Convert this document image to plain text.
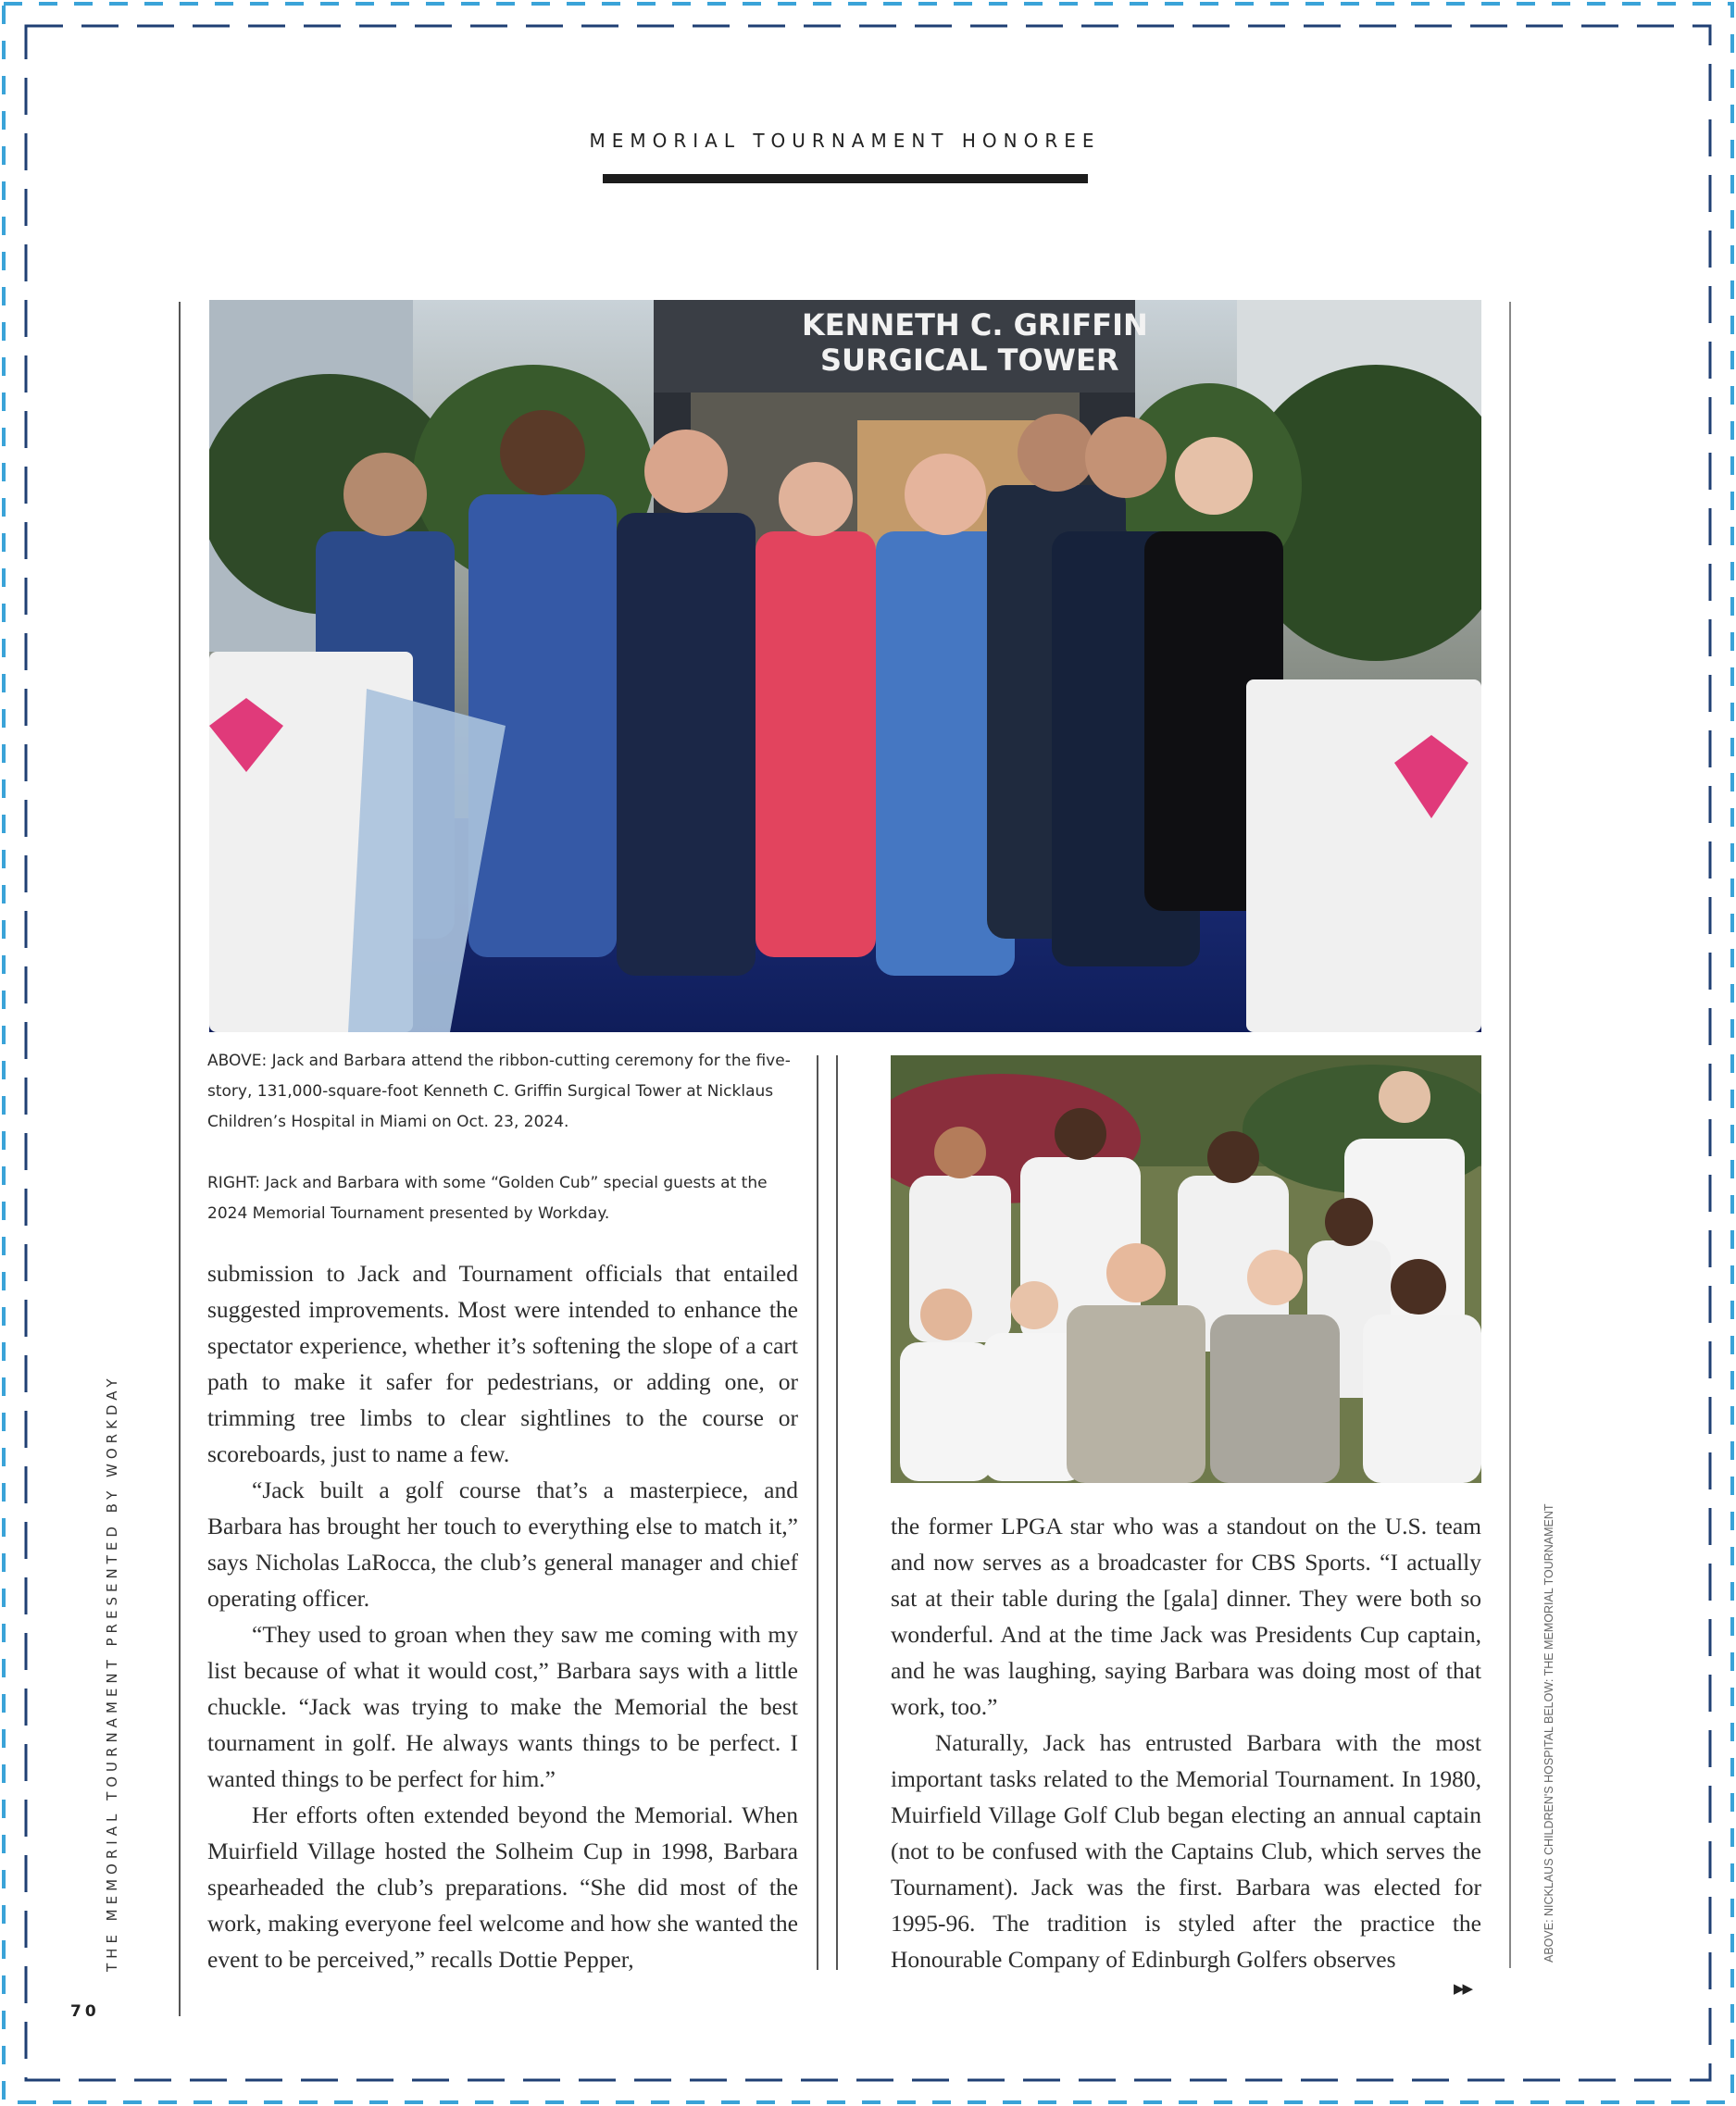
MEMORIAL TOURNAMENT HONOREE
KENNETH C. GRIFFIN
SURGICAL TOWER

ABOVE: Jack and Barbara attend the ribbon-cutting ceremony for the five-story, 131,000-square-foot Kenneth C. Griffin Surgical Tower at Nicklaus Children’s Hospital in Miami on Oct. 23, 2024.

RIGHT: Jack and Barbara with some “Golden Cub” special guests at the 2024 Memorial Tournament presented by Workday.

submission to Jack and Tournament officials that entailed suggested improvements. Most were intended to enhance the spectator experience, whether it’s softening the slope of a cart path to make it safer for pedestrians, or adding one, or trimming tree limbs to clear sightlines to the course or scoreboards, just to name a few.

“Jack built a golf course that’s a masterpiece, and Barbara has brought her touch to everything else to match it,” says Nicholas LaRocca, the club’s general manager and chief operating officer.

“They used to groan when they saw me coming with my list because of what it would cost,” Barbara says with a little chuckle. “Jack was trying to make the Memorial the best tournament in golf. He always wants things to be perfect. I wanted things to be perfect for him.”

Her efforts often extended beyond the Memorial. When Muirfield Village hosted the Solheim Cup in 1998, Barbara spearheaded the club’s preparations. “She did most of the work, making everyone feel welcome and how she wanted the event to be perceived,” recalls Dottie Pepper,

the former LPGA star who was a standout on the U.S. team and now serves as a broadcaster for CBS Sports. “I actually sat at their table during the [gala] dinner. They were both so wonderful. And at the time Jack was Presidents Cup captain, and he was laughing, saying Barbara was doing most of that work, too.”

Naturally, Jack has entrusted Barbara with the most important tasks related to the Memorial Tournament. In 1980, Muirfield Village Golf Club began electing an annual captain (not to be confused with the Captains Club, which serves the Tournament). Jack was the first. Barbara was elected for 1995-96. The tradition is styled after the practice the Honourable Company of Edinburgh Golfers observes

THE MEMORIAL TOURNAMENT PRESENTED BY WORKDAY	ABOVE: NICKLAUS CHILDREN'S HOSPITAL BELOW: THE MEMORIAL TOURNAMENT
70
▶▶
